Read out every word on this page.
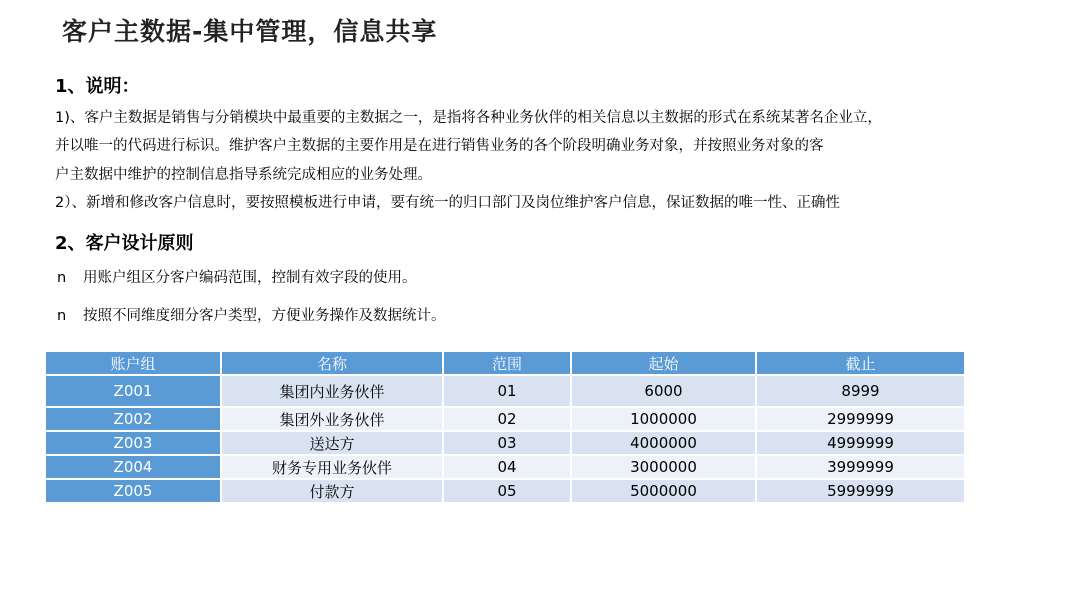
客户主数据-集中管理，信息共享
1、说明：
1)、客户主数据是销售与分销模块中最重要的主数据之一，是指将各种业务伙伴的相关信息以主数据的形式在系统某著名企业立，
并以唯一的代码进行标识。维护客户主数据的主要作用是在进行销售业务的各个阶段明确业务对象，并按照业务对象的客
户主数据中维护的控制信息指导系统完成相应的业务处理。
2）、新增和修改客户信息时，要按照模板进行申请，要有统一的归口部门及岗位维护客户信息，保证数据的唯一性、正确性
2、客户设计原则
n 用账户组区分客户编码范围，控制有效字段的使用。
n 按照不同维度细分客户类型，方便业务操作及数据统计。
账户组	名称	范围	起始	截止
Z001	集团内业务伙伴	01	6000	8999
Z002	集团外业务伙伴	02	1000000	2999999
Z003	送达方	03	4000000	4999999
Z004	财务专用业务伙伴	04	3000000	3999999
Z005	付款方	05	5000000	5999999
